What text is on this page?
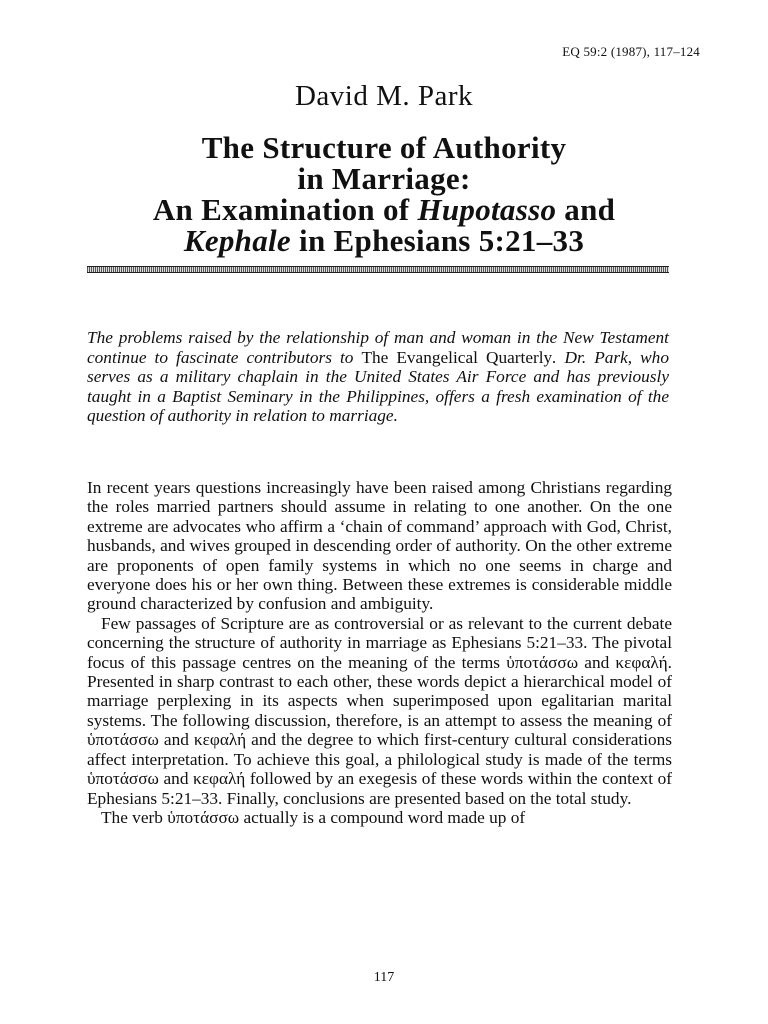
EQ 59:2 (1987), 117–124
David M. Park
The Structure of Authority
in Marriage:
An Examination of Hupotasso and
Kephale in Ephesians 5:21–33
The problems raised by the relationship of man and woman in the New Testament continue to fascinate contributors to The Evangelical Quarterly. Dr. Park, who serves as a military chaplain in the United States Air Force and has previously taught in a Baptist Seminary in the Philippines, offers a fresh examination of the question of authority in relation to marriage.

In recent years questions increasingly have been raised among Christians regarding the roles married partners should assume in relating to one another. On the one extreme are advocates who affirm a ‘chain of command’ approach with God, Christ, husbands, and wives grouped in descending order of authority. On the other extreme are proponents of open family systems in which no one seems in charge and everyone does his or her own thing. Between these extremes is considerable middle ground characterized by confusion and ambiguity.

Few passages of Scripture are as controversial or as relevant to the current debate concerning the structure of authority in marriage as Ephesians 5:21–33. The pivotal focus of this passage centres on the meaning of the terms ὑποτάσσω and κεφαλή. Presented in sharp contrast to each other, these words depict a hierarchical model of marriage perplexing in its aspects when superimposed upon egalitarian marital systems. The following discussion, therefore, is an attempt to assess the meaning of ὑποτάσσω and κεφαλή and the degree to which first-century cultural considerations affect interpretation. To achieve this goal, a philological study is made of the terms ὑποτάσσω and κεφαλή followed by an exegesis of these words within the context of Ephesians 5:21–33. Finally, conclusions are presented based on the total study.

The verb ὑποτάσσω actually is a compound word made up of

117
